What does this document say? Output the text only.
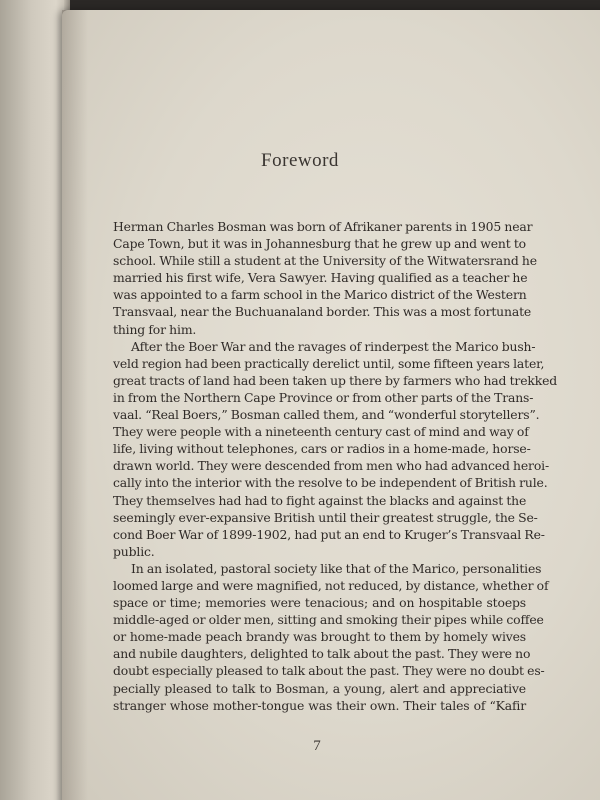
Foreword

Herman Charles Bosman was born of Afrikaner parents in 1905 near
Cape Town, but it was in Johannesburg that he grew up and went to
school. While still a student at the University of the Witwatersrand he
married his first wife, Vera Sawyer. Having qualified as a teacher he
was appointed to a farm school in the Marico district of the Western
Transvaal, near the Buchuanaland border. This was a most fortunate
thing for him.

After the Boer War and the ravages of rinderpest the Marico bush-
veld region had been practically derelict until, some fifteen years later,
great tracts of land had been taken up there by farmers who had trekked
in from the Northern Cape Province or from other parts of the Trans-
vaal. “Real Boers,” Bosman called them, and “wonderful storytellers”.
They were people with a nineteenth century cast of mind and way of
life, living without telephones, cars or radios in a home-made, horse-
drawn world. They were descended from men who had advanced heroi-
cally into the interior with the resolve to be independent of British rule.
They themselves had had to fight against the blacks and against the
seemingly ever-expansive British until their greatest struggle, the Se-
cond Boer War of 1899-1902, had put an end to Kruger’s Transvaal Re-
public.

In an isolated, pastoral society like that of the Marico, personalities
loomed large and were magnified, not reduced, by distance, whether of
space or time; memories were tenacious; and on hospitable stoeps
middle-aged or older men, sitting and smoking their pipes while coffee
or home-made peach brandy was brought to them by homely wives
and nubile daughters, delighted to talk about the past. They were no
doubt especially pleased to talk about the past. They were no doubt es-
pecially pleased to talk to Bosman, a young, alert and appreciative
stranger whose mother-tongue was their own. Their tales of “Kafir

7
